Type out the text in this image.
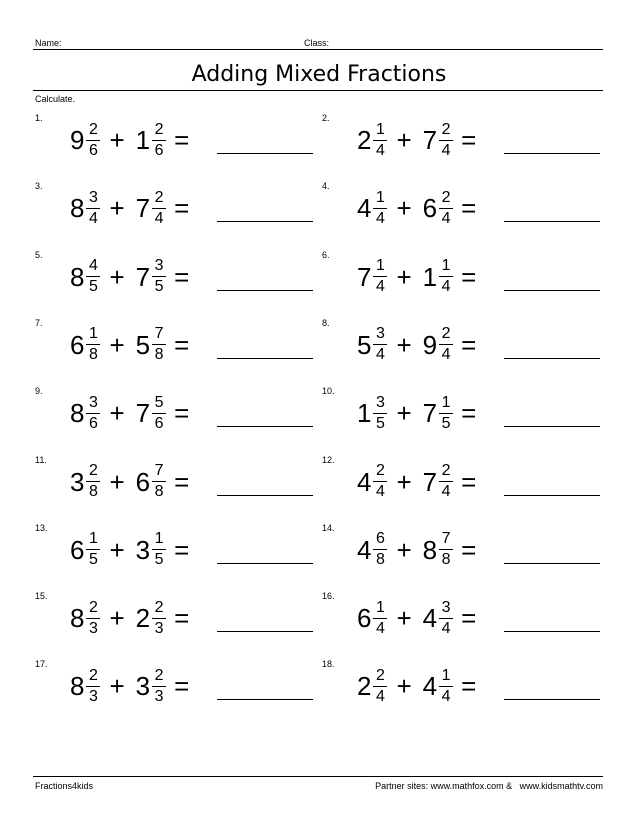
Name:	Class:
Adding Mixed Fractions
Calculate.
1.
$9 \frac{2}{6} + 1 \frac{2}{6}$ =
2.
$2 \frac{1}{4} + 7 \frac{2}{4}$ =
3.
$8 \frac{3}{4} + 7 \frac{2}{4}$ =
4.
$4 \frac{1}{4} + 6 \frac{2}{4}$ =
5.
$8 \frac{4}{5} + 7 \frac{3}{5}$ =
6.
$7 \frac{1}{4} + 1 \frac{1}{4}$ =
7.
$6 \frac{1}{8} + 5 \frac{7}{8}$ =
8.
$5 \frac{3}{4} + 9 \frac{2}{4}$ =
9.
$8 \frac{3}{6} + 7 \frac{5}{6}$ =
10.
$1 \frac{3}{5} + 7 \frac{1}{5}$ =
11.
$3 \frac{2}{8} + 6 \frac{7}{8}$ =
12.
$4 \frac{2}{4} + 7 \frac{2}{4}$ =
13.
$6 \frac{1}{5} + 3 \frac{1}{5}$ =
14.
$4 \frac{6}{8} + 8 \frac{7}{8}$ =
15.
$8 \frac{2}{3} + 2 \frac{2}{3}$ =
16.
$6 \frac{1}{4} + 4 \frac{3}{4}$ =
17.
$8 \frac{2}{3} + 3 \frac{2}{3}$ =
18.
$2 \frac{2}{4} + 4 \frac{1}{4}$ =
Fractions4kids	Partner sites: www.mathfox.com &   www.kidsmathtv.com
